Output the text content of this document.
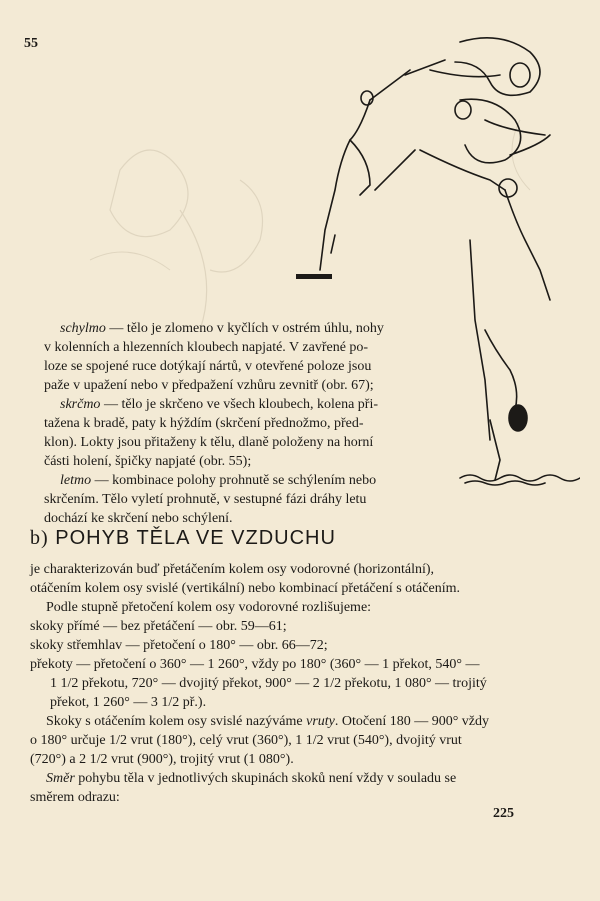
55
schylmo — tělo je zlomeno v kyčlích v ostrém úhlu, nohy
v kolenních a hlezenních kloubech napjaté. V zavřené po-
loze se spojené ruce dotýkají nártů, v otevřené poloze jsou
paže v upažení nebo v předpažení vzhůru zevnitř (obr. 67);
skrčmo — tělo je skrčeno ve všech kloubech, kolena při-
tažena k bradě, paty k hýždím (skrčení přednožmo, před-
klon). Lokty jsou přitaženy k tělu, dlaně položeny na horní
části holení, špičky napjaté (obr. 55);
letmo — kombinace polohy prohnutě se schýlením nebo
skrčením. Tělo vyletí prohnutě, v sestupné fázi dráhy letu
dochází ke skrčení nebo schýlení.
b) POHYB TĚLA VE VZDUCHU
je charakterizován buď přetáčením kolem osy vodorovné (horizontální),
otáčením kolem osy svislé (vertikální) nebo kombinací přetáčení s otáčením.
Podle stupně přetočení kolem osy vodorovné rozlišujeme:
skoky přímé — bez přetáčení — obr. 59—61;
skoky střemhlav — přetočení o 180° — obr. 66—72;
překoty — přetočení o 360° — 1 260°, vždy po 180° (360° — 1 překot, 540° —
1 1/2 překotu, 720° — dvojitý překot, 900° — 2 1/2 překotu, 1 080° — trojitý
překot, 1 260° — 3 1/2 př.).
Skoky s otáčením kolem osy svislé nazýváme vruty. Otočení 180 — 900° vždy
o 180° určuje 1/2 vrut (180°), celý vrut (360°), 1 1/2 vrut (540°), dvojitý vrut
(720°) a 2 1/2 vrut (900°), trojitý vrut (1 080°).
Směr pohybu těla v jednotlivých skupinách skoků není vždy v souladu se
směrem odrazu:
225
